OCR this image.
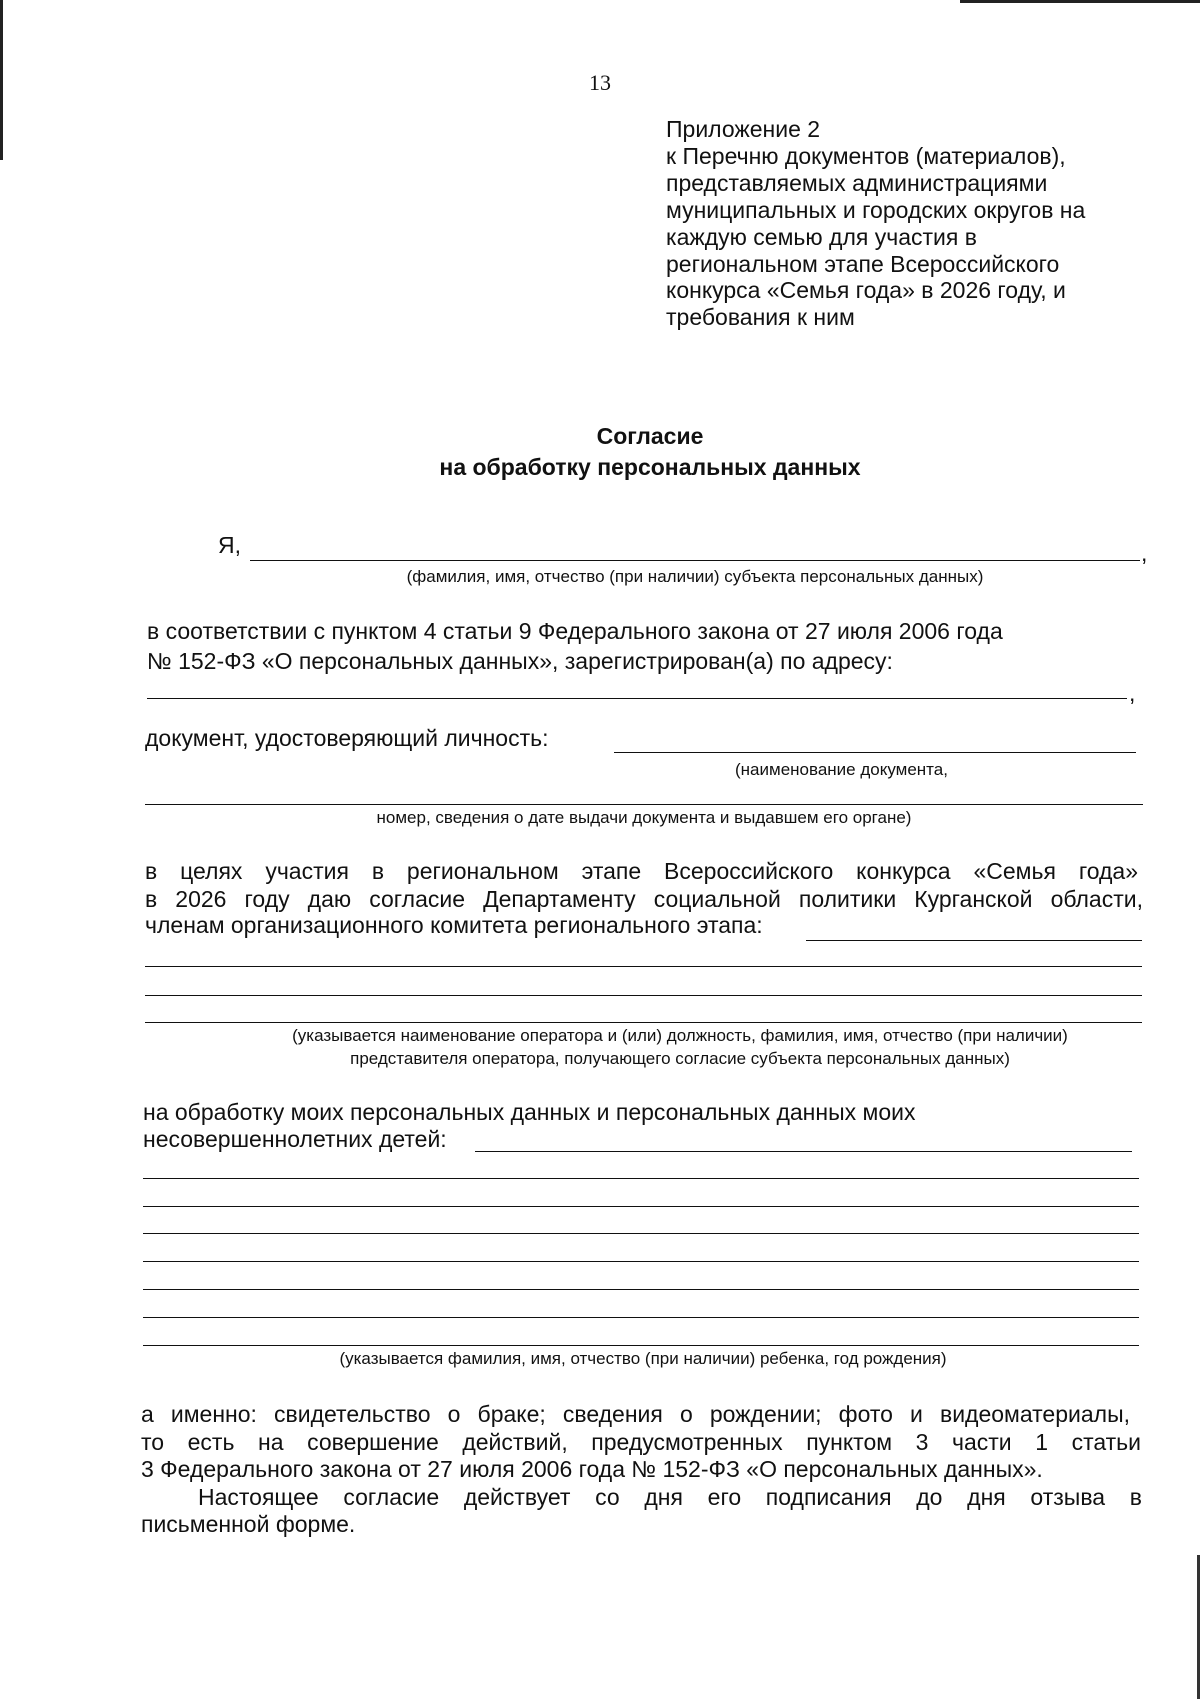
13
Приложение 2
к Перечню документов (материалов),
представляемых администрациями
муниципальных и городских округов на
каждую семью для участия в
региональном этапе Всероссийского
конкурса «Семья года» в 2026 году, и
требования к ним
Согласие
на обработку персональных данных
Я,	,
(фамилия, имя, отчество (при наличии) субъекта персональных данных)
в соответствии с пунктом 4 статьи 9 Федерального закона от 27 июля 2006 года
№ 152-ФЗ «О персональных данных», зарегистрирован(а) по адресу:
,
документ, удостоверяющий личность:
(наименование документа,
номер, сведения о дате выдачи документа и выдавшем его органе)
в целях участия в региональном этапе Всероссийского конкурса «Семья года»
в 2026 году даю согласие Департаменту социальной политики Курганской области,
членам организационного комитета регионального этапа:
(указывается наименование оператора и (или) должность, фамилия, имя, отчество (при наличии)
представителя оператора, получающего согласие субъекта персональных данных)
на обработку моих персональных данных и персональных данных моих
несовершеннолетних детей:
(указывается фамилия, имя, отчество (при наличии) ребенка, год рождения)
а именно: свидетельство о браке; сведения о рождении; фото и видеоматериалы,
то есть на совершение действий, предусмотренных пунктом 3 части 1 статьи
3 Федерального закона от 27 июля 2006 года № 152-ФЗ «О персональных данных».
Настоящее согласие действует со дня его подписания до дня отзыва в
письменной форме.
